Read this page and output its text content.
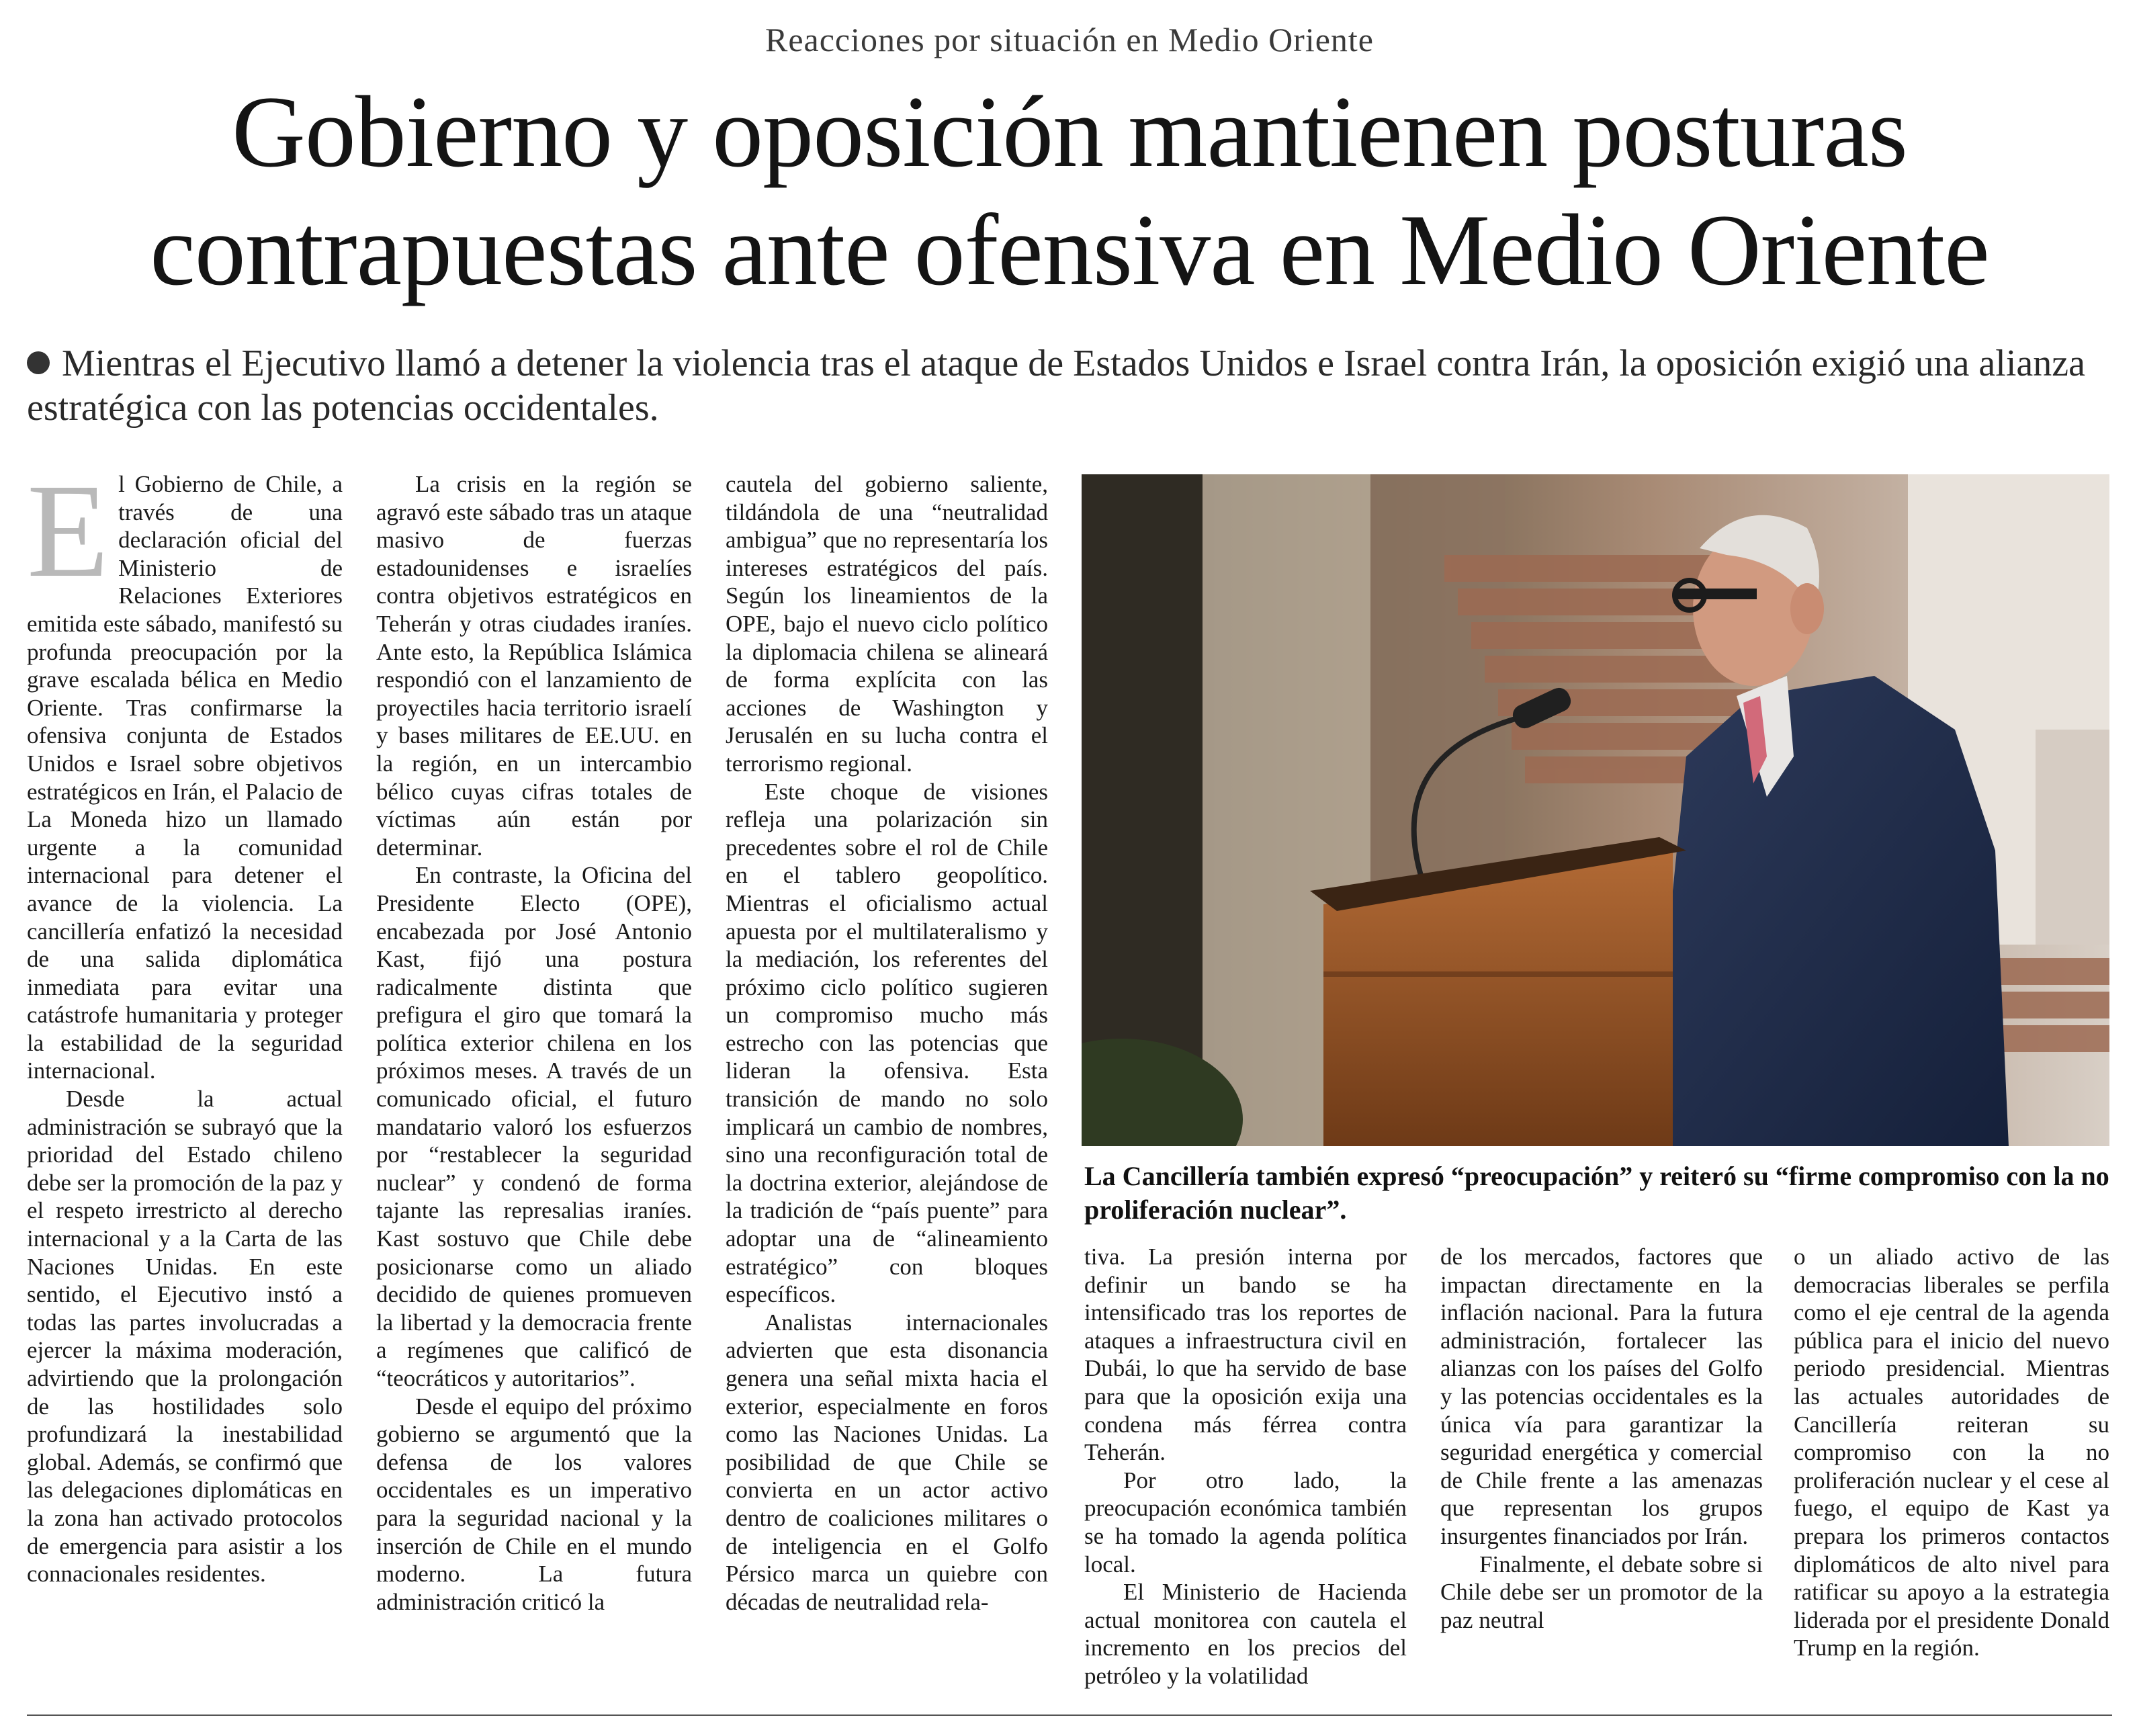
Reacciones por situación en Medio Oriente
Gobierno y oposición mantienen posturas
contrapuestas ante ofensiva en Medio Oriente
Mientras el Ejecutivo llamó a detener la violencia tras el ataque de Estados Unidos e Israel contra Irán, la oposición exigió una alianza estratégica con las potencias occidentales.
E l Gobierno de Chile, a través de una declaración oficial del Ministerio de Relaciones Exteriores emitida este sábado, manifestó su profunda preocupación por la grave escalada bélica en Medio Oriente. Tras confirmarse la ofensiva conjunta de Estados Unidos e Israel sobre objetivos estratégicos en Irán, el Palacio de La Moneda hizo un llamado urgente a la comunidad internacional para detener el avance de la violencia. La cancillería enfatizó la necesidad de una salida diplomática inmediata para evitar una catástrofe humanitaria y proteger la estabilidad de la seguridad internacional.

Desde la actual administración se subrayó que la prioridad del Estado chileno debe ser la promoción de la paz y el respeto irrestricto al derecho internacional y a la Carta de las Naciones Unidas. En este sentido, el Ejecutivo instó a todas las partes involucradas a ejercer la máxima moderación, advirtiendo que la prolongación de las hostilidades solo profundizará la inestabilidad global. Además, se confirmó que las delegaciones diplomáticas en la zona han activado protocolos de emergencia para asistir a los connacionales residentes.

La crisis en la región se agravó este sábado tras un ataque masivo de fuerzas estadounidenses e israelíes contra objetivos estratégicos en Teherán y otras ciudades iraníes. Ante esto, la República Islámica respondió con el lanzamiento de proyectiles hacia territorio israelí y bases militares de EE.UU. en la región, en un intercambio bélico cuyas cifras totales de víctimas aún están por determinar.

En contraste, la Oficina del Presidente Electo (OPE), encabezada por José Antonio Kast, fijó una postura radicalmente distinta que prefigura el giro que tomará la política exterior chilena en los próximos meses. A través de un comunicado oficial, el futuro mandatario valoró los esfuerzos por “restablecer la seguridad nuclear” y condenó de forma tajante las represalias iraníes. Kast sostuvo que Chile debe posicionarse como un aliado decidido de quienes promueven la libertad y la democracia frente a regímenes que calificó de “teocráticos y autoritarios”.

Desde el equipo del próximo gobierno se argumentó que la defensa de los valores occidentales es un imperativo para la seguridad nacional y la inserción de Chile en el mundo moderno. La futura administración criticó la

cautela del gobierno saliente, tildándola de una “neutralidad ambigua” que no representaría los intereses estratégicos del país. Según los lineamientos de la OPE, bajo el nuevo ciclo político la diplomacia chilena se alineará de forma explícita con las acciones de Washington y Jerusalén en su lucha contra el terrorismo regional.

Este choque de visiones refleja una polarización sin precedentes sobre el rol de Chile en el tablero geopolítico. Mientras el oficialismo actual apuesta por el multilateralismo y la mediación, los referentes del próximo ciclo político sugieren un compromiso mucho más estrecho con las potencias que lideran la ofensiva. Esta transición de mando no solo implicará un cambio de nombres, sino una reconfiguración total de la doctrina exterior, alejándose de la tradición de “país puente” para adoptar una de “alineamiento estratégico” con bloques específicos.

Analistas internacionales advierten que esta disonancia genera una señal mixta hacia el exterior, especialmente en foros como las Naciones Unidas. La posibilidad de que Chile se convierta en un actor activo dentro de coaliciones militares o de inteligencia en el Golfo Pérsico marca un quiebre con décadas de neutralidad rela-

La Cancillería también expresó “preocupación” y reiteró su “firme compromiso con la no proliferación nuclear”.

tiva. La presión interna por definir un bando se ha intensificado tras los reportes de ataques a infraestructura civil en Dubái, lo que ha servido de base para que la oposición exija una condena más férrea contra Teherán.

Por otro lado, la preocupación económica también se ha tomado la agenda política local.

El Ministerio de Hacienda actual monitorea con cautela el incremento en los precios del petróleo y la volatilidad

de los mercados, factores que impactan directamente en la inflación nacional. Para la futura administración, fortalecer las alianzas con los países del Golfo y las potencias occidentales es la única vía para garantizar la seguridad energética y comercial de Chile frente a las amenazas que representan los grupos insurgentes financiados por Irán.

Finalmente, el debate sobre si Chile debe ser un promotor de la paz neutral

o un aliado activo de las democracias liberales se perfila como el eje central de la agenda pública para el inicio del nuevo periodo presidencial. Mientras las actuales autoridades de Cancillería reiteran su compromiso con la no proliferación nuclear y el cese al fuego, el equipo de Kast ya prepara los primeros contactos diplomáticos de alto nivel para ratificar su apoyo a la estrategia liderada por el presidente Donald Trump en la región.
